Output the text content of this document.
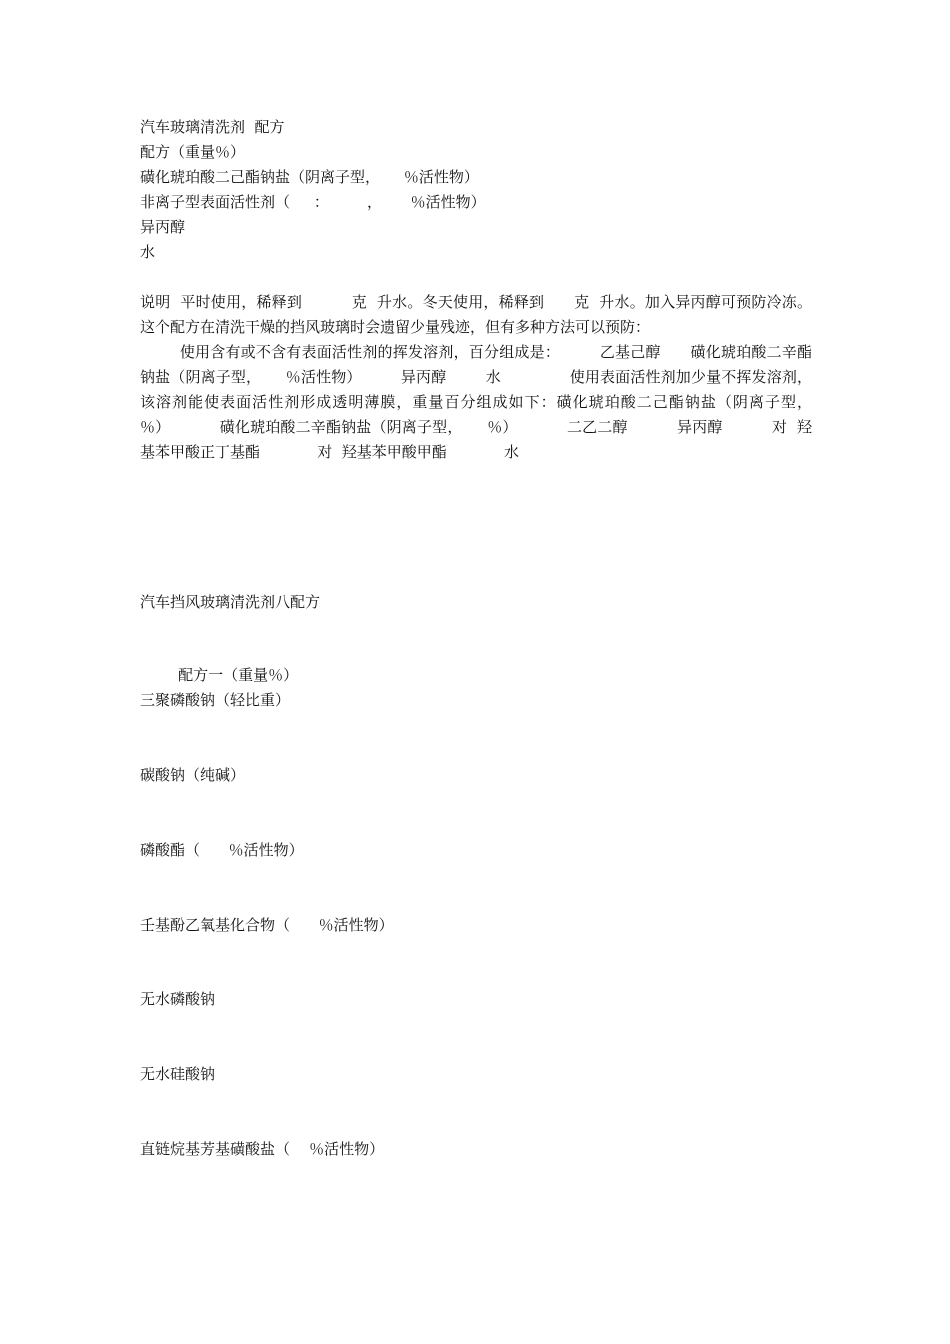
汽车玻璃清洗剂  配方
配方（重量％）
磺化琥珀酸二己酯钠盐（阴离子型，     ％活性物）
非离子型表面活性剂（     ：        ，      ％活性物）
异丙醇
水
说明  平时使用，稀释到          克  升水。冬天使用，稀释到      克  升水。加入异丙醇可预防冷冻。这个配方在清洗干燥的挡风玻璃时会遗留少量残迹，但有多种方法可以预防：
使用含有或不含有表面活性剂的挥发溶剂，百分组成是：        乙基己醇      磺化琥珀酸二辛酯钠盐（阴离子型，     ％活性物）        异丙醇        水              使用表面活性剂加少量不挥发溶剂，该溶剂能使表面活性剂形成透明薄膜，重量百分组成如下：磺化琥珀酸二己酯钠盐（阴离子型，     ％）          磺化琥珀酸二辛酯钠盐（阴离子型，     ％）          二乙二醇          异丙醇          对  羟基苯甲酸正丁基酯            对  羟基苯甲酸甲酯            水
汽车挡风玻璃清洗剂八配方
配方一（重量％）
三聚磷酸钠（轻比重）
碳酸钠（纯碱）
磷酸酯（      ％活性物）
壬基酚乙氧基化合物（      ％活性物）
无水磷酸钠
无水硅酸钠
直链烷基芳基磺酸盐（    ％活性物）
